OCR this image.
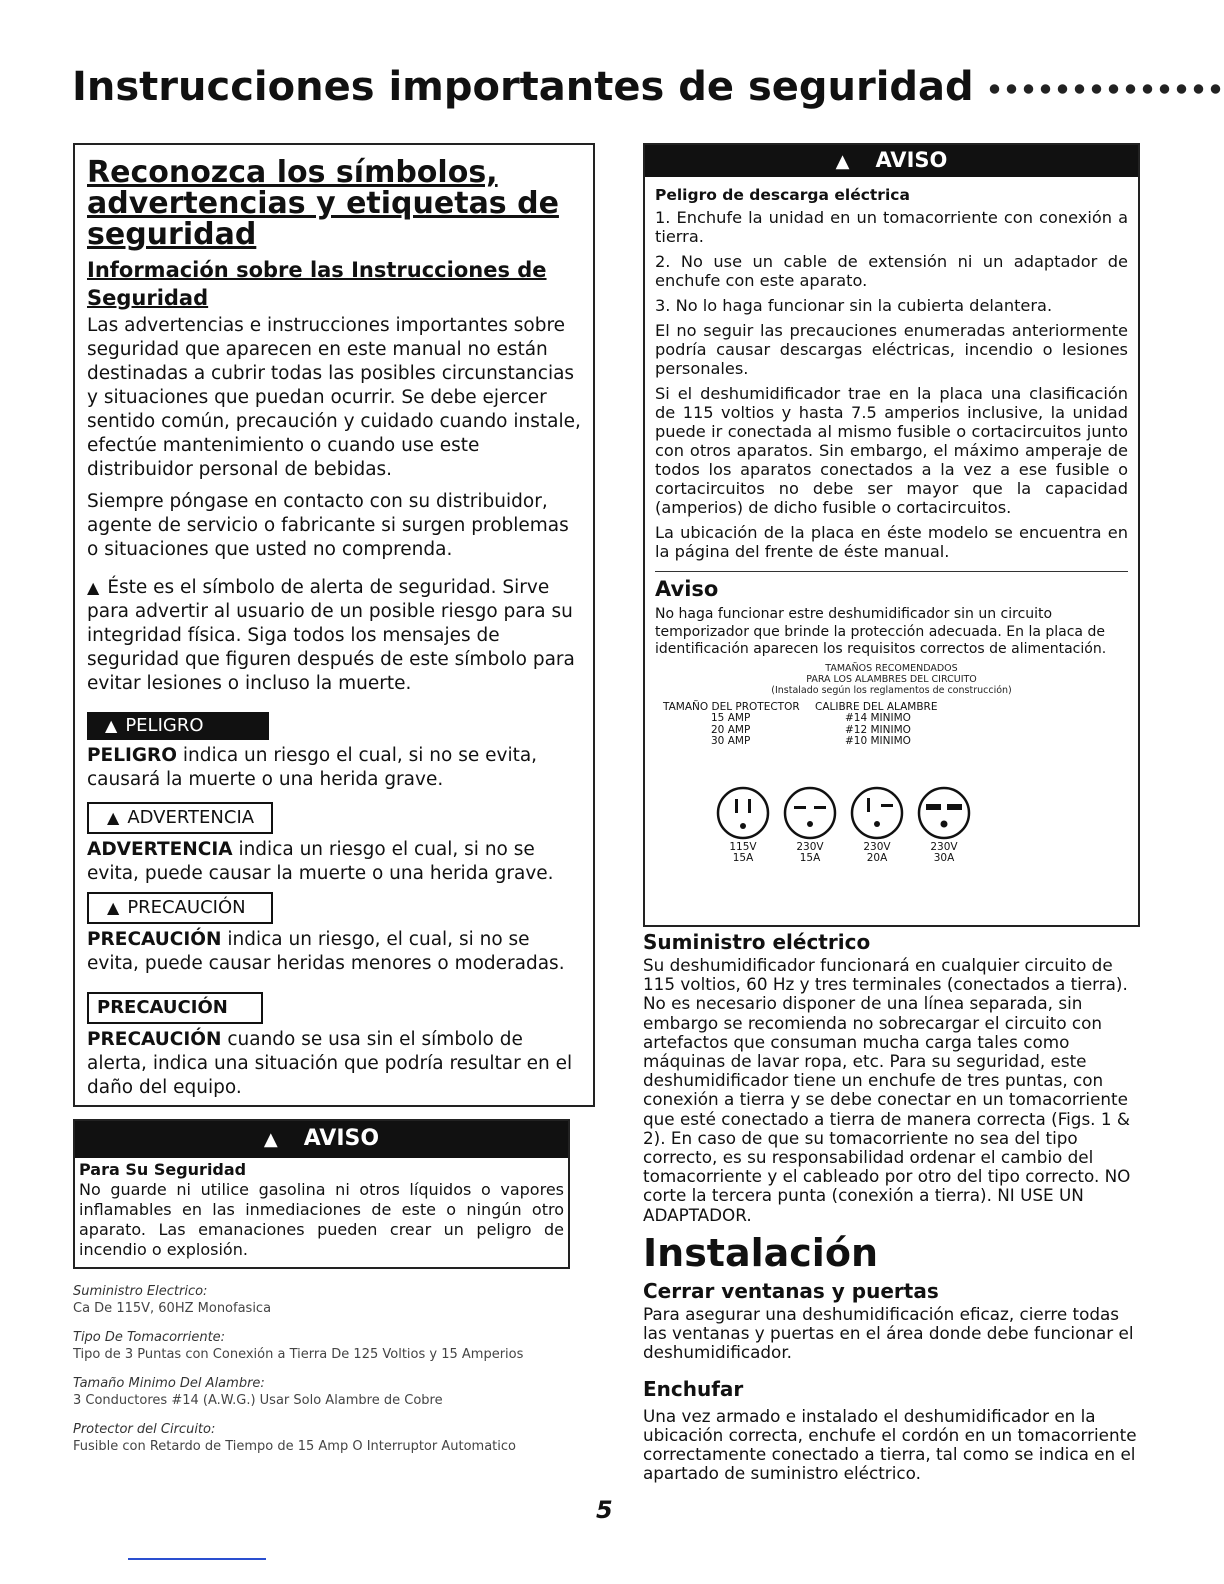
Instrucciones importantes de seguridad
Reconozca los símbolos, advertencias y etiquetas de seguridad
Información sobre las Instrucciones de Seguridad

Las advertencias e instrucciones importantes sobre seguridad que aparecen en este manual no están destinadas a cubrir todas las posibles circunstancias y situaciones que puedan ocurrir. Se debe ejercer sentido común, precaución y cuidado cuando instale, efectúe mantenimiento o cuando use este distribuidor personal de bebidas.

Siempre póngase en contacto con su distribuidor, agente de servicio o fabricante si surgen problemas o situaciones que usted no comprenda.

▲ Éste es el símbolo de alerta de seguridad. Sirve para advertir al usuario de un posible riesgo para su integridad física. Siga todos los mensajes de seguridad que figuren después de este símbolo para evitar lesiones o incluso la muerte.

▲ PELIGRO

PELIGRO indica un riesgo el cual, si no se evita, causará la muerte o una herida grave.

▲ ADVERTENCIA

ADVERTENCIA indica un riesgo el cual, si no se evita, puede causar la muerte o una herida grave.

▲ PRECAUCIÓN

PRECAUCIÓN indica un riesgo, el cual, si no se evita, puede causar heridas menores o moderadas.

PRECAUCIÓN

PRECAUCIÓN cuando se usa sin el símbolo de alerta, indica una situación que podría resultar en el daño del equipo.

▲ AVISO

Para Su Seguridad

No guarde ni utilice gasolina ni otros líquidos o vapores inflamables en las inmediaciones de este o ningún otro aparato. Las emanaciones pueden crear un peligro de incendio o explosión.

Suministro Electrico:
Ca De 115V, 60HZ Monofasica
Tipo De Tomacorriente:
Tipo de 3 Puntas con Conexión a Tierra De 125 Voltios y 15 Amperios
Tamaño Minimo Del Alambre:
3 Conductores #14 (A.W.G.) Usar Solo Alambre de Cobre
Protector del Circuito:
Fusible con Retardo de Tiempo de 15 Amp O Interruptor Automatico
▲ AVISO

Peligro de descarga eléctrica

1. Enchufe la unidad en un tomacorriente con conexión a tierra.

2. No use un cable de extensión ni un adaptador de enchufe con este aparato.

3. No lo haga funcionar sin la cubierta delantera.

El no seguir las precauciones enumeradas anteriormente podría causar descargas eléctricas, incendio o lesiones personales.

Si el deshumidificador trae en la placa una clasificación de 115 voltios y hasta 7.5 amperios inclusive, la unidad puede ir conectada al mismo fusible o cortacircuitos junto con otros aparatos. Sin embargo, el máximo amperaje de todos los aparatos conectados a la vez a ese fusible o cortacircuitos no debe ser mayor que la capacidad (amperios) de dicho fusible o cortacircuitos.

La ubicación de la placa en éste modelo se encuentra en la página del frente de éste manual.

Aviso

No haga funcionar estre deshumidificador sin un circuito temporizador que brinde la protección adecuada. En la placa de identificación aparecen los requisitos correctos de alimentación.

TAMAÑOS RECOMENDADOS
PARA LOS ALAMBRES DEL CIRCUITO
(Instalado según los reglamentos de construcción)
TAMAÑO DEL PROTECTOR	CALIBRE DEL ALAMBRE
15 AMP	#14 MINIMO
20 AMP	#12 MINIMO
30 AMP	#10 MINIMO
115V
15A
230V
15A
230V
20A
230V
30A
Suministro eléctrico

Su deshumidificador funcionará en cualquier circuito de 115 voltios, 60 Hz y tres terminales (conectados a tierra). No es necesario disponer de una línea separada, sin embargo se recomienda no sobrecargar el circuito con artefactos que consuman mucha carga tales como máquinas de lavar ropa, etc. Para su seguridad, este deshumidificador tiene un enchufe de tres puntas, con conexión a tierra y se debe conectar en un tomacorriente que esté conectado a tierra de manera correcta (Figs. 1 & 2). En caso de que su tomacorriente no sea del tipo correcto, es su responsabilidad ordenar el cambio del tomacorriente y el cableado por otro del tipo correcto. NO corte la tercera punta (conexión a tierra). NI USE UN ADAPTADOR.

Instalación
Cerrar ventanas y puertas

Para asegurar una deshumidificación eficaz, cierre todas las ventanas y puertas en el área donde debe funcionar el deshumidificador.

Enchufar

Una vez armado e instalado el deshumidificador en la ubicación correcta, enchufe el cordón en un tomacorriente correctamente conectado a tierra, tal como se indica en el apartado de suministro eléctrico.

5
